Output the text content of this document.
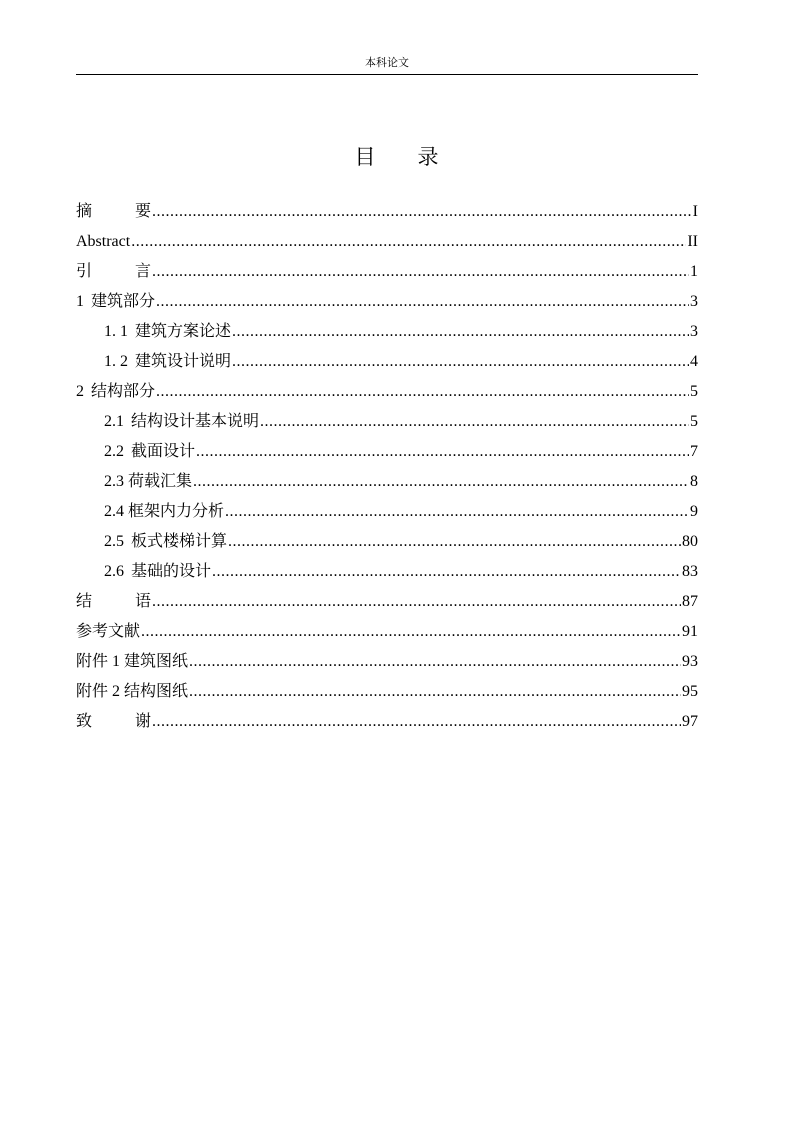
本科论文
目 录
摘	要 .....	I
Abstract .....	II
引	言 .....	1
1 建筑部分 .....	3
1. 1 建筑方案论述 .....	3
1. 2 建筑设计说明 .....	4
2 结构部分 .....	5
2.1 结构设计基本说明 .....	5
2.2 截面设计 .....	7
2.3 荷载汇集 .....	8
2.4 框架内力分析 .....	9
2.5 板式楼梯计算 .....	80
2.6 基础的设计 .....	83
结	语 .....	87
参考文献 .....	91
附件 1 建筑图纸 .....	93
附件 2 结构图纸 .....	95
致	谢 .....	97
